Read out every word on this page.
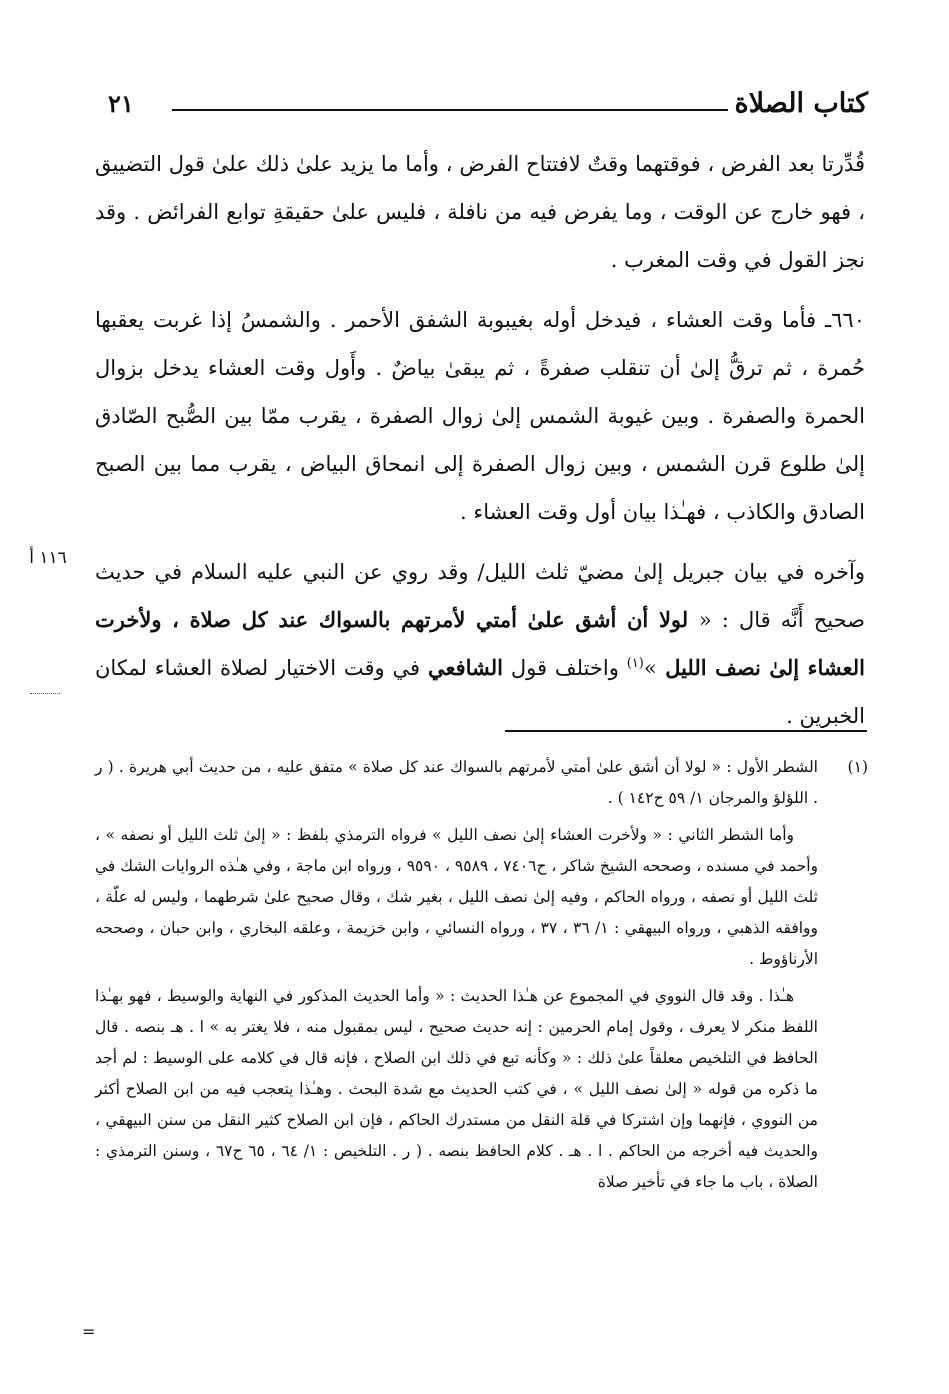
كتاب الصلاة
٢١

قُدِّرتا بعد الفرض ، فوقتهما وقتٌ لافتتاح الفرض ، وأما ما يزيد علىٰ ذلك علىٰ قول التضييق ، فهو خارج عن الوقت ، وما يفرض فيه من نافلة ، فليس علىٰ حقيقةِ توابع الفرائض . وقد نجز القول في وقت المغرب .

٦٦٠ـ فأما وقت العشاء ، فيدخل أوله بغيبوبة الشفق الأحمر . والشمسُ إذا غربت يعقبها حُمرة ، ثم ترقُّ إلىٰ أن تنقلب صفرةً ، ثم يبقىٰ بياضٌ . وأَول وقت العشاء يدخل بزوال الحمرة والصفرة . وبين غيوبة الشمس إلىٰ زوال الصفرة ، يقرب ممّا بين الصُّبح الصّادق إلىٰ طلوع قرن الشمس ، وبين زوال الصفرة إلى انمحاق البياض ، يقرب مما بين الصبح الصادق والكاذب ، فهـٰذا بيان أول وقت العشاء .

وآخره في بيان جبريل إلىٰ مضيّ ثلث الليل/ وقد روي عن النبي عليه السلام في حديث صحيح أَنَّه قال : « لولا أن أشق علىٰ أمتي لأمرتهم بالسواك عند كل صلاة ، ولأخرت العشاء إلىٰ نصف الليل »$^{(١)}$ واختلف قول الشافعي في وقت الاختيار لصلاة العشاء لمكان الخبرين .

١١٦ أ

(١)
الشطر الأول : « لولا أن أشق علىٰ أمتي لأمرتهم بالسواك عند كل صلاة » متفق عليه ، من حديث أبي هريرة . ( ر . اللؤلؤ والمرجان ١/ ٥٩ ح١٤٢ ) .

وأما الشطر الثاني : « ولأخرت العشاء إلىٰ نصف الليل » فرواه الترمذي بلفظ : « إلىٰ ثلث الليل أو نصفه » ، وأحمد في مسنده ، وصححه الشيخ شاكر ، ح٧٤٠٦ ، ٩٥٨٩ ، ٩٥٩٠ ، ورواه ابن ماجة ، وفي هـٰذه الروايات الشك في ثلث الليل أو نصفه ، ورواه الحاكم ، وفيه إلىٰ نصف الليل ، بغير شك ، وقال صحيح علىٰ شرطهما ، وليس له علّة ، ووافقه الذهبي ، ورواه البيهقي : ١/ ٣٦ ، ٣٧ ، ورواه النسائي ، وابن خزيمة ، وعلقه البخاري ، وابن حبان ، وصححه الأرناؤوط .

هـٰذا . وقد قال النووي في المجموع عن هـٰذا الحديث : « وأما الحديث المذكور في النهاية والوسيط ، فهو بهـٰذا اللفظ منكر لا يعرف ، وقول إمام الحرمين : إنه حديث صحيح ، ليس بمقبول منه ، فلا يغتر به » ا . هـ بنصه . قال الحافظ في التلخيص معلقاً علىٰ ذلك : « وكأنه تبع في ذلك ابن الصلاح ، فإنه قال في كلامه على الوسيط : لم أجد ما ذكره من قوله « إلىٰ نصف الليل » ، في كتب الحديث مع شدة البحث . وهـٰذا يتعجب فيه من ابن الصلاح أكثر من النووي ، فإنهما وإن اشتركا في قلة النقل من مستدرك الحاكم ، فإن ابن الصلاح كثير النقل من سنن البيهقي ، والحديث فيه أخرجه من الحاكم . ا . هـ . كلام الحافظ بنصه . ( ر . التلخيص : ١/ ٦٤ ، ٦٥ ح٦٧ ، وسنن الترمذي : الصلاة ، باب ما جاء في تأخير صلاة

=
